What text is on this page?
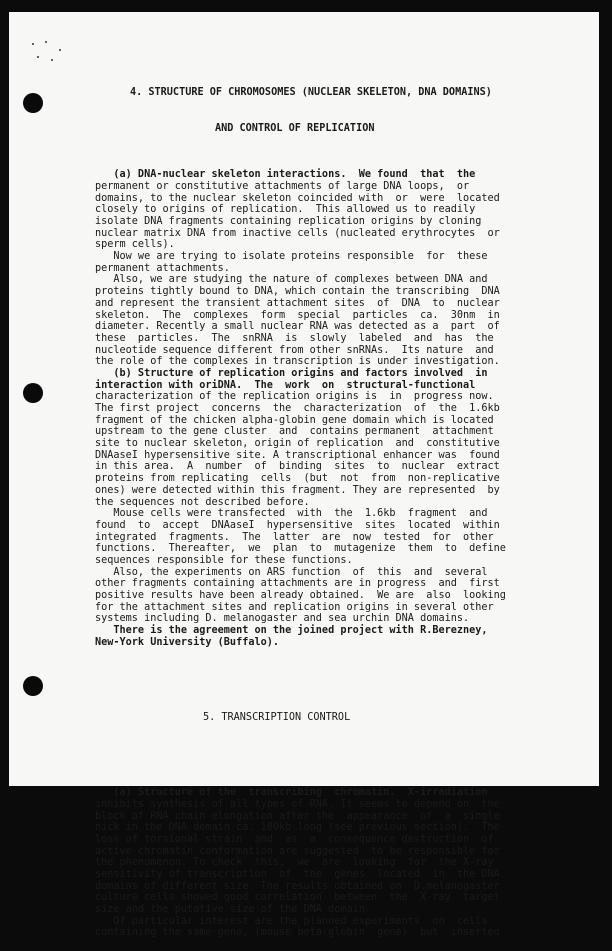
4. STRUCTURE OF CHROMOSOMES (NUCLEAR SKELETON, DNA DOMAINS)

AND CONTROL OF REPLICATION

(a) DNA-nuclear skeleton interactions.  We found  that  the
permanent or constitutive attachments of large DNA loops,  or
domains, to the nuclear skeleton coincided with  or  were  located
closely to origins of replication.  This allowed us to readily
isolate DNA fragments containing replication origins by cloning
nuclear matrix DNA from inactive cells (nucleated erythrocytes  or
sperm cells).
Now we are trying to isolate proteins responsible  for  these
permanent attachments.
Also, we are studying the nature of complexes between DNA and
proteins tightly bound to DNA, which contain the transcribing  DNA
and represent the transient attachment sites  of  DNA  to  nuclear
skeleton.  The  complexes  form  special  particles  ca.  30nm  in
diameter. Recently a small nuclear RNA was detected as a  part  of
these  particles.  The  snRNA  is  slowly  labeled  and  has  the
nucleotide sequence different from other snRNAs.  Its nature  and
the role of the complexes in transcription is under investigation.
(b) Structure of replication origins and factors involved  in
interaction with oriDNA.  The  work  on  structural-functional
characterization of the replication origins is  in  progress now.
The first project  concerns  the  characterization  of  the  1.6kb
fragment of the chicken alpha-globin gene domain which is located
upstream to the gene cluster  and  contains permanent  attachment
site to nuclear skeleton, origin of replication  and  constitutive
DNAaseI hypersensitive site. A transcriptional enhancer was  found
in this area.  A  number  of  binding  sites  to  nuclear  extract
proteins from replicating  cells  (but  not  from  non-replicative
ones) were detected within this fragment. They are represented  by
the sequences not described before.
Mouse cells were transfected  with  the  1.6kb  fragment  and
found  to  accept  DNAaseI  hypersensitive  sites  located  within
integrated  fragments.  The  latter  are  now  tested  for  other
functions.  Thereafter,  we  plan  to  mutagenize  them  to  define
sequences responsible for these functions.
Also, the experiments on ARS function  of  this  and  several
other fragments containing attachments are in progress  and  first
positive results have been already obtained.  We are  also  looking
for the attachment sites and replication origins in several other
systems including D. melanogaster and sea urchin DNA domains.
There is the agreement on the joined project with R.Berezney,
New-York University (Buffalo).

5. TRANSCRIPTION CONTROL

(a) Structure of the  transcribing  chromatin.  X-irradiation
inhibits synthesis of all types of RNA. It seems to depend on  the
block of RNA chain elongation after the  appearance  of  a  single
nick in the DNA domain ca. 100kb long (see previous section).  The
loss of torsional strain  and  as  a  consequence destruction  of
active chromatin conformation are suggested  to be responsible for
the phenomenon. To check  this,  we  are  looking  for  the X-ray
sensitivity of transcription  of  the  genes  located  in  the DNA
domains of different size. The results obtained on  D.melanogaster
culture cells showed good correlation  between  the  X-ray  target
size and the putative size of the DNA domain.
Of particular interest are the planned experiments  on  cells
containing the same gene, (mouse beta-globin  gene)  but  inserted
